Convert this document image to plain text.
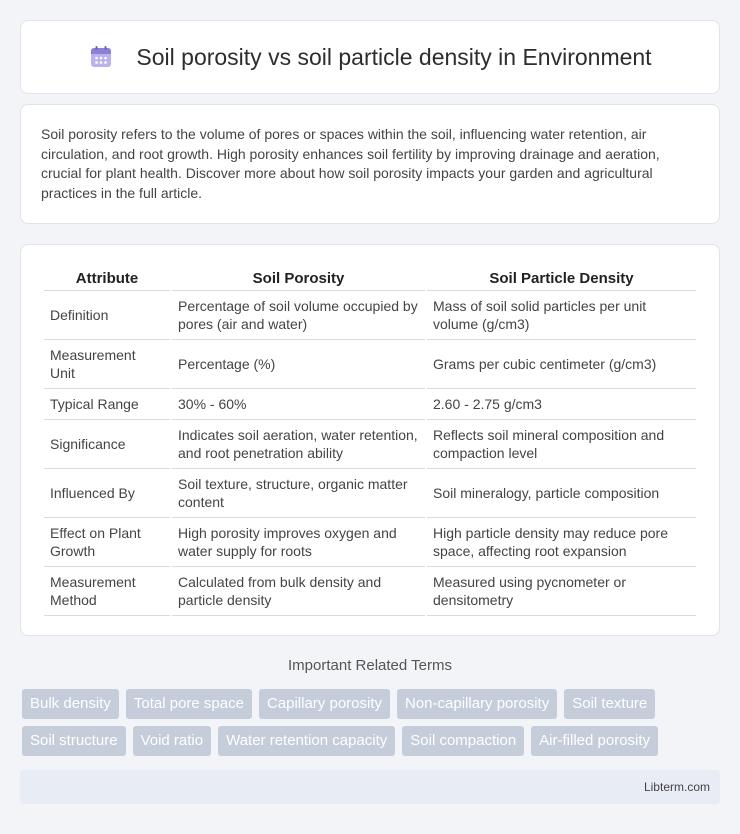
Soil porosity vs soil particle density in Environment

Soil porosity refers to the volume of pores or spaces within the soil, influencing water retention, air circulation, and root growth. High porosity enhances soil fertility by improving drainage and aeration, crucial for plant health. Discover more about how soil porosity impacts your garden and agricultural practices in the full article.

Attribute	Soil Porosity	Soil Particle Density
Definition	Percentage of soil volume occupied by pores (air and water)	Mass of soil solid particles per unit volume (g/cm3)
Measurement Unit	Percentage (%)	Grams per cubic centimeter (g/cm3)
Typical Range	30% - 60%	2.60 - 2.75 g/cm3
Significance	Indicates soil aeration, water retention, and root penetration ability	Reflects soil mineral composition and compaction level
Influenced By	Soil texture, structure, organic matter content	Soil mineralogy, particle composition
Effect on Plant Growth	High porosity improves oxygen and water supply for roots	High particle density may reduce pore space, affecting root expansion
Measurement Method	Calculated from bulk density and particle density	Measured using pycnometer or densitometry
Important Related Terms
Bulk density	Total pore space	Capillary porosity	Non-capillary porosity	Soil texture
Soil structure	Void ratio	Water retention capacity	Soil compaction	Air-filled porosity
Libterm.com
